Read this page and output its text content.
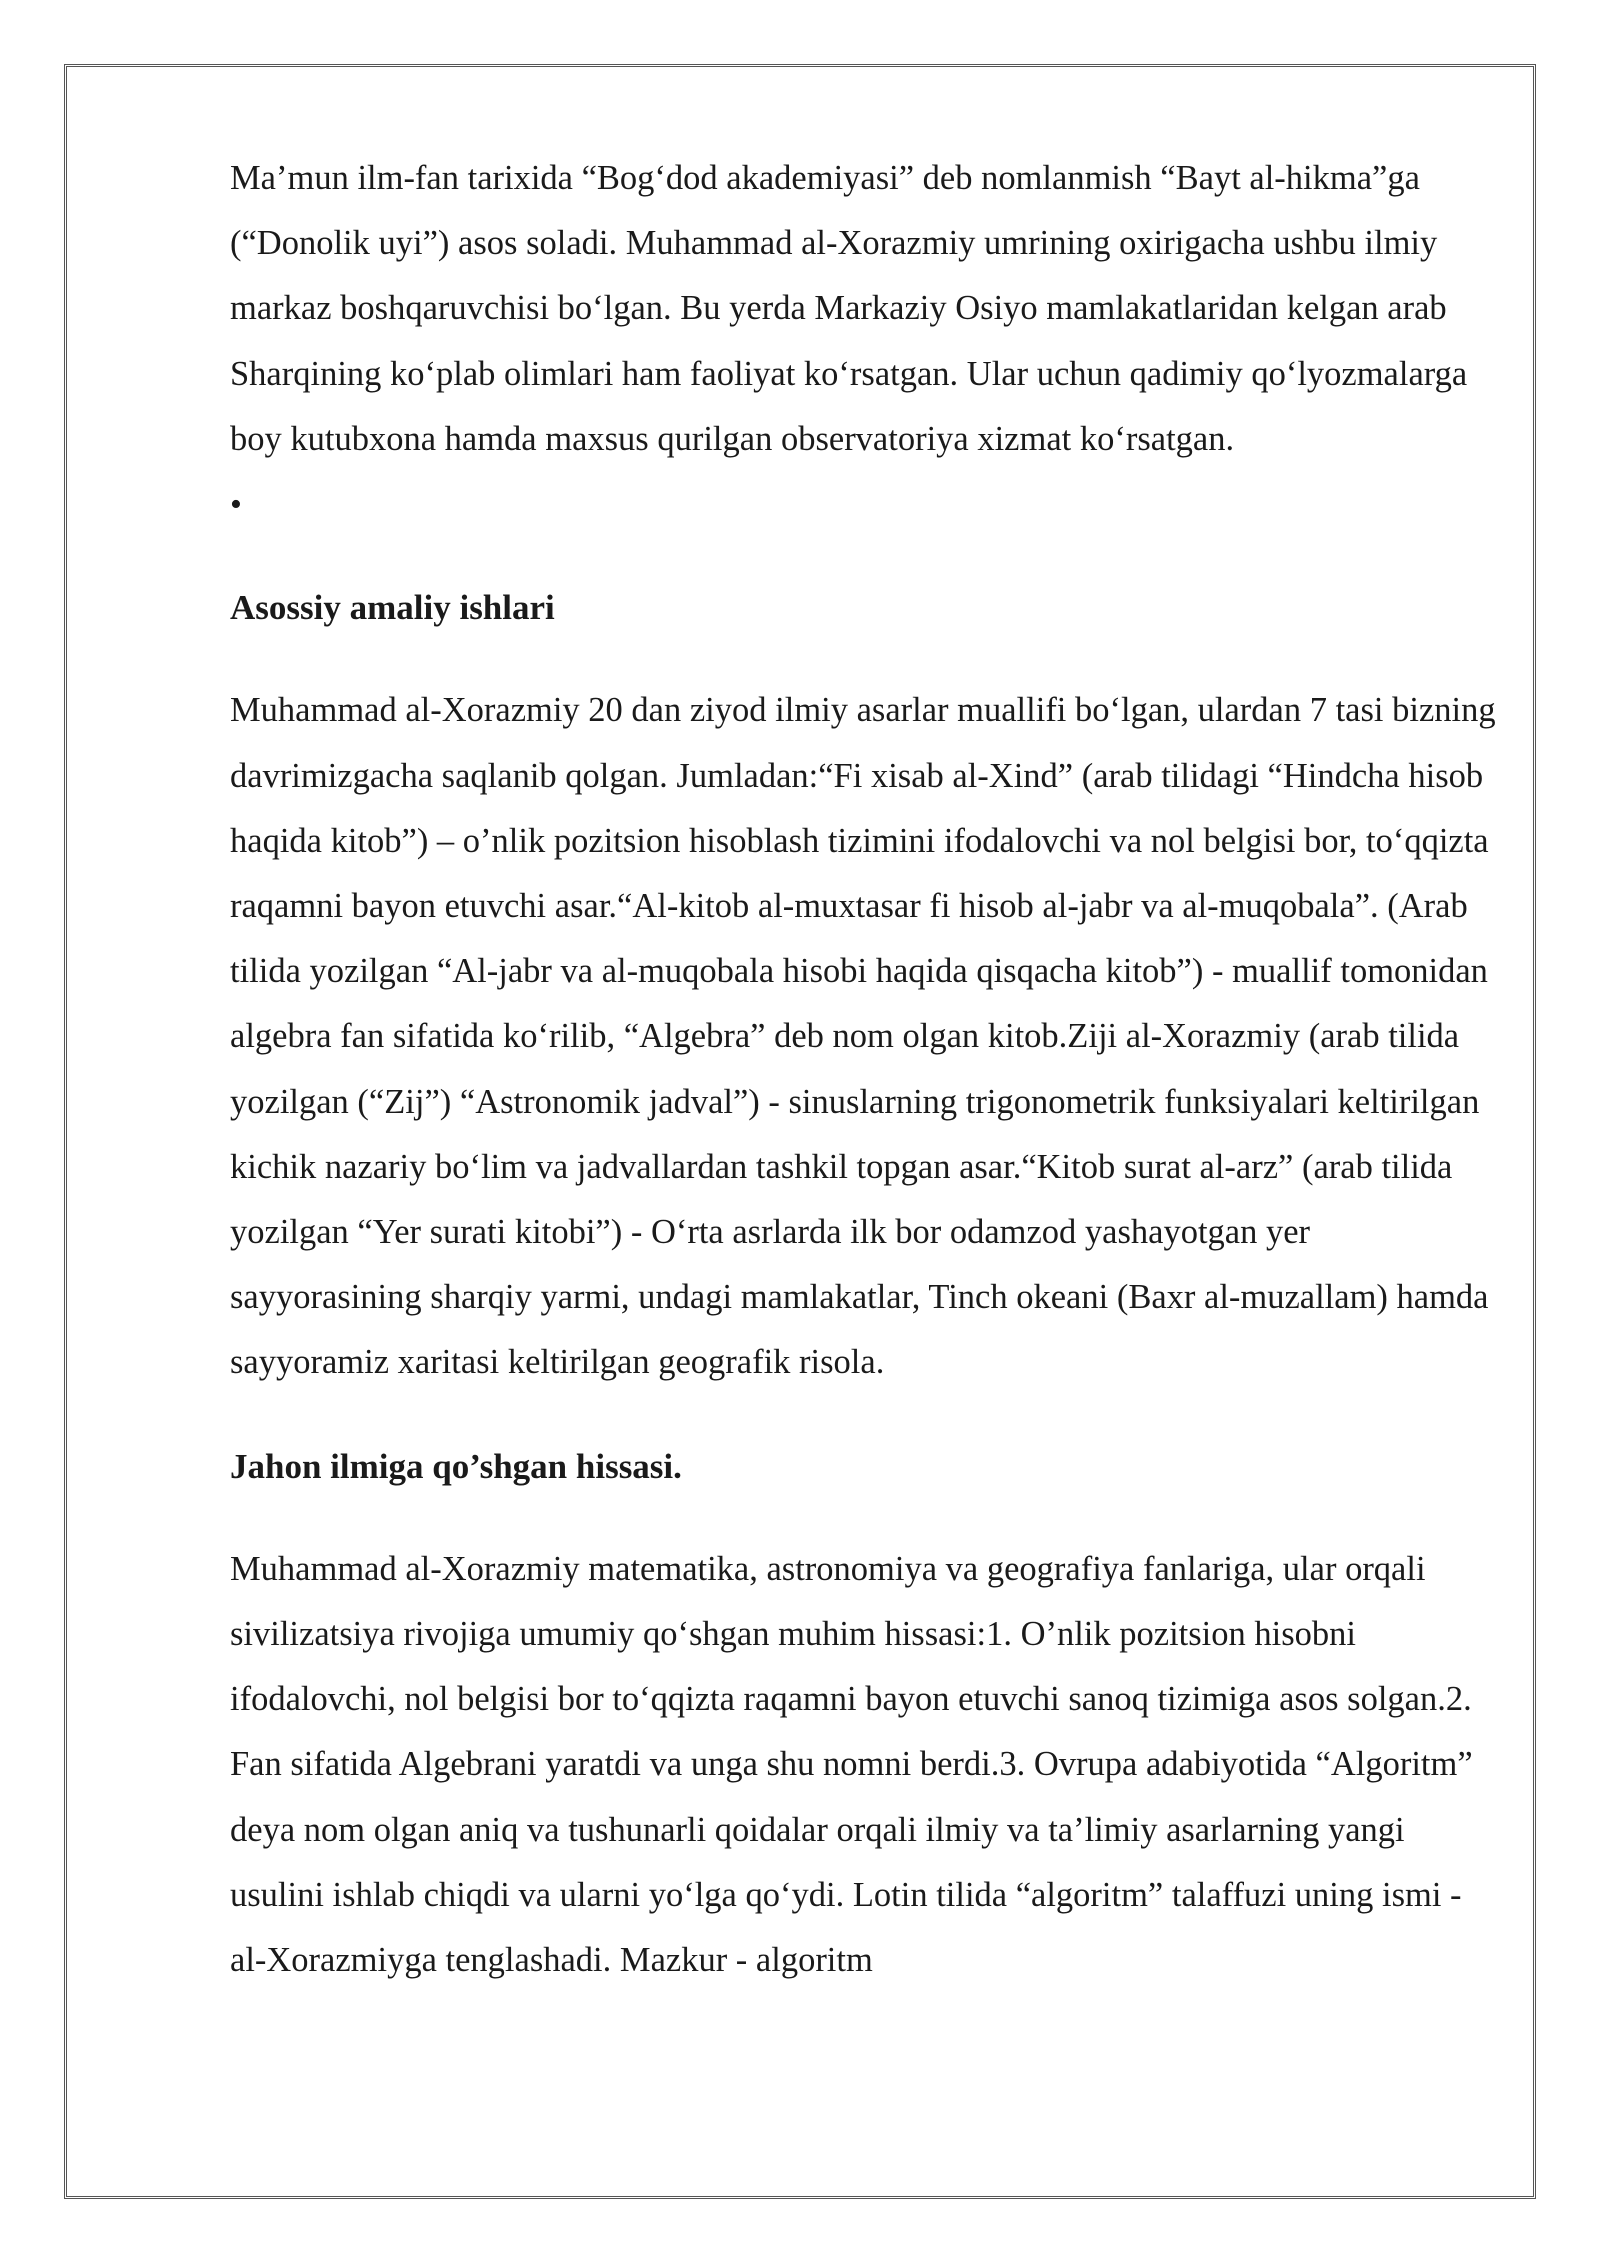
Ma’mun ilm-fan tarixida “Bog‘dod akademiyasi” deb nomlanmish “Bayt al-hikma”ga (“Donolik uyi”) asos soladi. Muhammad al-Xorazmiy umrining oxirigacha ushbu ilmiy markaz boshqaruvchisi bo‘lgan. Bu yerda Markaziy Osiyo mamlakatlaridan kelgan arab Sharqining ko‘plab olimlari ham faoliyat ko‘rsatgan. Ular uchun qadimiy qo‘lyozmalarga boy kutubxona hamda maxsus qurilgan observatoriya xizmat ko‘rsatgan.

•
Asossiy amaliy ishlari

Muhammad al-Xorazmiy 20 dan ziyod ilmiy asarlar muallifi bo‘lgan, ulardan 7 tasi bizning davrimizgacha saqlanib qolgan. Jumladan:“Fi xisab al-Xind” (arab tilidagi “Hindcha hisob haqida kitob”) – o’nlik pozitsion hisoblash tizimini ifodalovchi va nol belgisi bor, to‘qqizta raqamni bayon etuvchi asar.“Al-kitob al-muxtasar fi hisob al-jabr va al-muqobala”. (Arab tilida yozilgan “Al-jabr va al-muqobala hisobi haqida qisqacha kitob”) - muallif tomonidan algebra fan sifatida ko‘rilib, “Algebra” deb nom olgan kitob.Ziji al-Xorazmiy (arab tilida yozilgan (“Zij”) “Astronomik jadval”) - sinuslarning trigonometrik funksiyalari keltirilgan kichik nazariy bo‘lim va jadvallardan tashkil topgan asar.“Kitob surat al-arz” (arab tilida yozilgan “Yer surati kitobi”) - O‘rta asrlarda ilk bor odamzod yashayotgan yer sayyorasining sharqiy yarmi, undagi mamlakatlar, Tinch okeani (Baxr al-muzallam) hamda sayyoramiz xaritasi keltirilgan geografik risola.

Jahon ilmiga qo’shgan hissasi.

Muhammad al-Xorazmiy matematika, astronomiya va geografiya fanlariga, ular orqali sivilizatsiya rivojiga umumiy qo‘shgan muhim hissasi:1. O’nlik pozitsion hisobni ifodalovchi, nol belgisi bor to‘qqizta raqamni bayon etuvchi sanoq tizimiga asos solgan.2. Fan sifatida Algebrani yaratdi va unga shu nomni berdi.3. Ovrupa adabiyotida “Algoritm” deya nom olgan aniq va tushunarli qoidalar orqali ilmiy va ta’limiy asarlarning yangi usulini ishlab chiqdi va ularni yo‘lga qo‘ydi. Lotin tilida “algoritm” talaffuzi uning ismi - al-Xorazmiyga tenglashadi. Mazkur - algoritm
